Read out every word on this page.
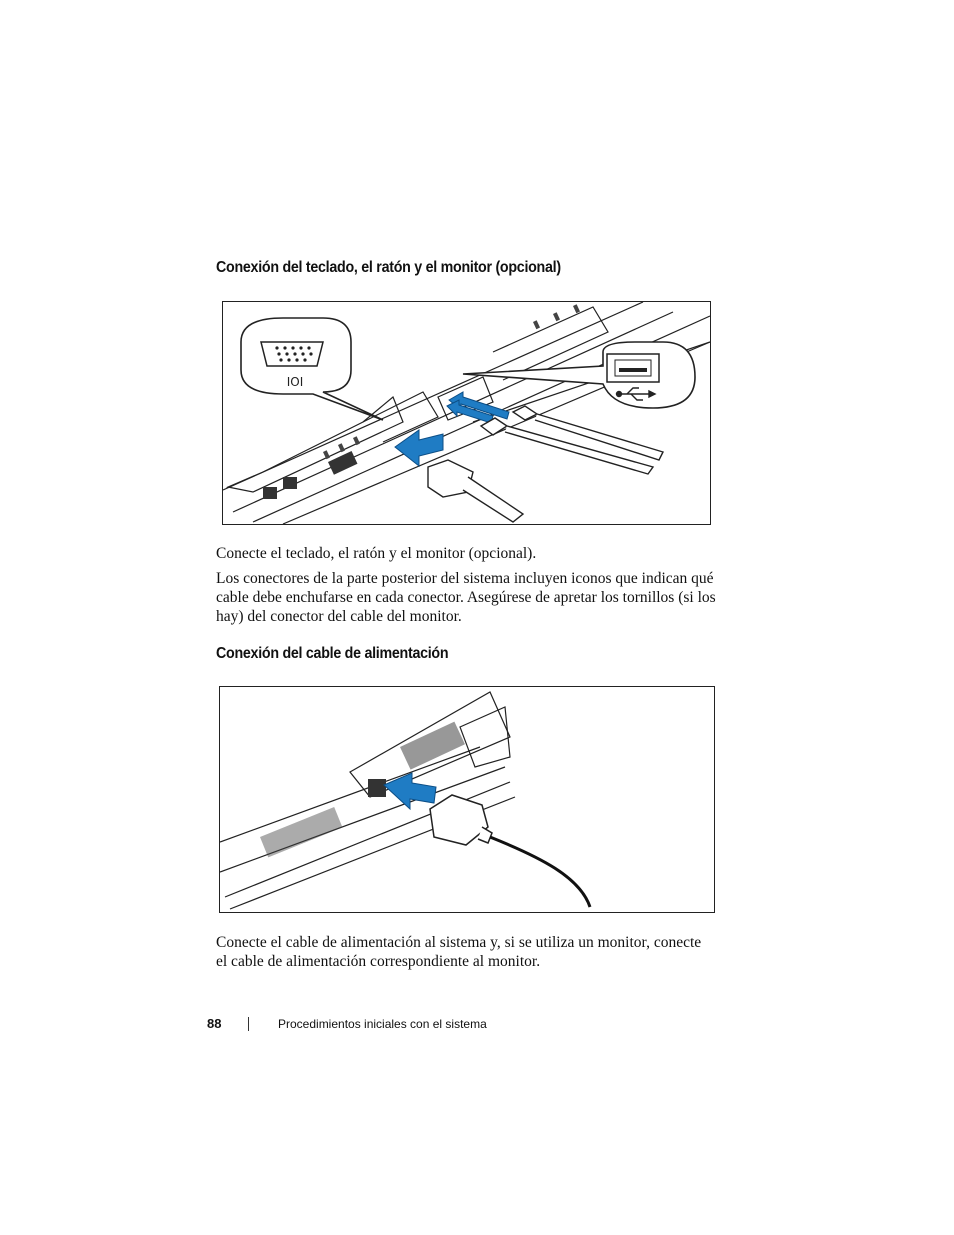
Conexión del teclado, el ratón y el monitor (opcional)
IOI

Conecte el teclado, el ratón y el monitor (opcional).

Los conectores de la parte posterior del sistema incluyen iconos que indican qué cable debe enchufarse en cada conector. Asegúrese de apretar los tornillos (si los hay) del conector del cable del monitor.

Conexión del cable de alimentación

Conecte el cable de alimentación al sistema y, si se utiliza un monitor, conecte el cable de alimentación correspondiente al monitor.

88	Procedimientos iniciales con el sistema
